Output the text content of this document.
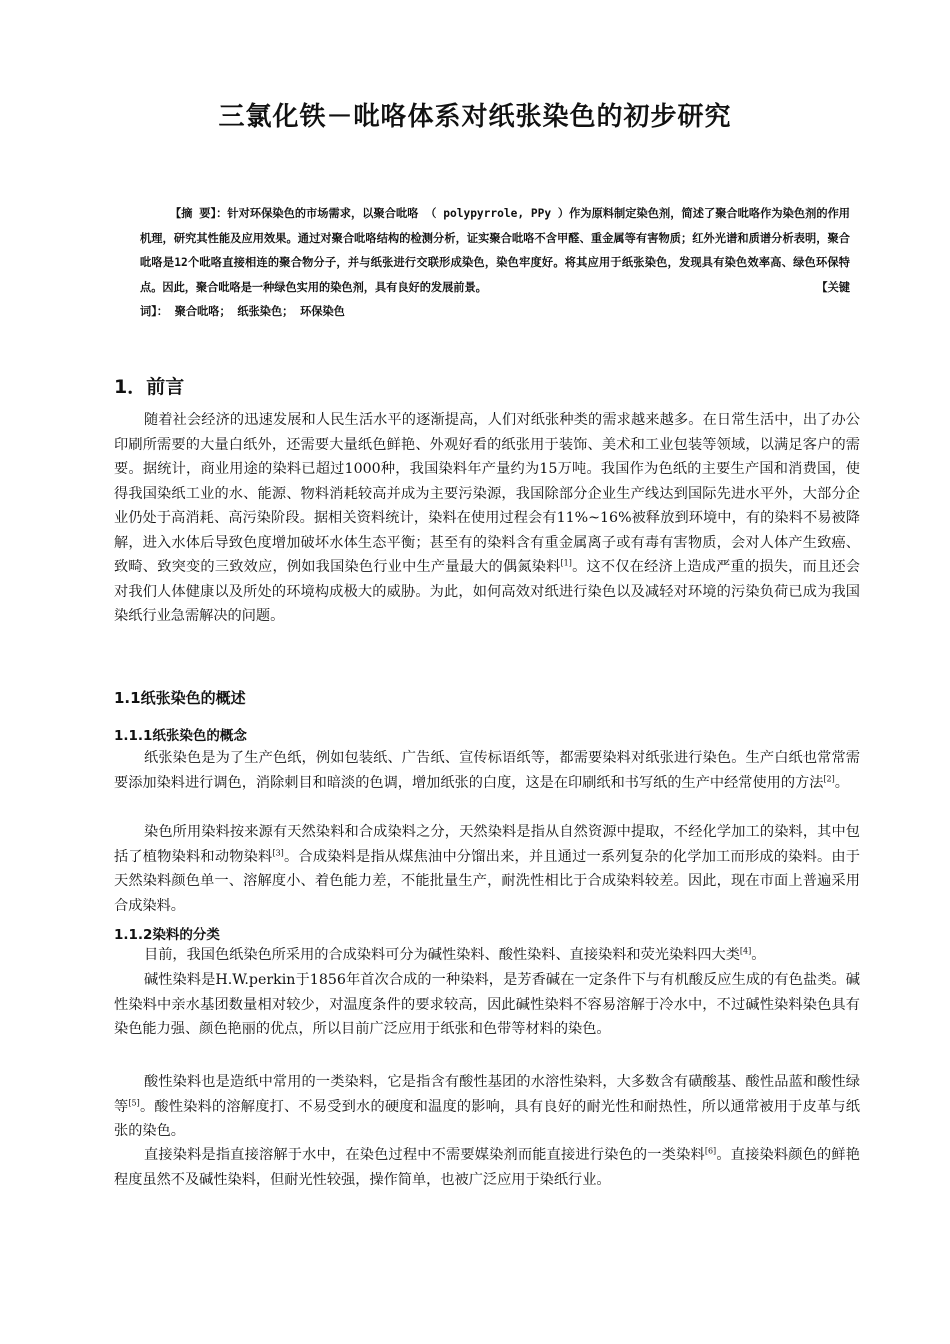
三氯化铁－吡咯体系对纸张染色的初步研究
【摘 要】：针对环保染色的市场需求，以聚合吡咯 （ polypyrrole, PPy ）作为原料制定染色剂，简述了聚合吡咯作为染色剂的作用机理，研究其性能及应用效果。通过对聚合吡咯结构的检测分析，证实聚合吡咯不含甲醛、重金属等有害物质；红外光谱和质谱分析表明，聚合吡咯是12个吡咯直接相连的聚合物分子，并与纸张进行交联形成染色，染色牢度好。将其应用于纸张染色，发现具有染色效率高、绿色环保特点。因此，聚合吡咯是一种绿色实用的染色剂，具有良好的发展前景。	【关键
词】： 聚合吡咯； 纸张染色； 环保染色
1．前言
随着社会经济的迅速发展和人民生活水平的逐渐提高，人们对纸张种类的需求越来越多。在日常生活中，出了办公印刷所需要的大量白纸外，还需要大量纸色鲜艳、外观好看的纸张用于装饰、美术和工业包装等领域，以满足客户的需要。据统计，商业用途的染料已超过1000种，我国染料年产量约为15万吨。我国作为色纸的主要生产国和消费国，使得我国染纸工业的水、能源、物料消耗较高并成为主要污染源，我国除部分企业生产线达到国际先进水平外，大部分企业仍处于高消耗、高污染阶段。据相关资料统计，染料在使用过程会有11%~16%被释放到环境中，有的染料不易被降解，进入水体后导致色度增加破坏水体生态平衡；甚至有的染料含有重金属离子或有毒有害物质，会对人体产生致癌、致畸、致突变的三致效应，例如我国染色行业中生产量最大的偶氮染料[1]。这不仅在经济上造成严重的损失，而且还会对我们人体健康以及所处的环境构成极大的威胁。为此，如何高效对纸进行染色以及减轻对环境的污染负荷已成为我国染纸行业急需解决的问题。
1.1纸张染色的概述
1.1.1纸张染色的概念
纸张染色是为了生产色纸，例如包装纸、广告纸、宣传标语纸等，都需要染料对纸张进行染色。生产白纸也常常需要添加染料进行调色，消除刺目和暗淡的色调，增加纸张的白度，这是在印刷纸和书写纸的生产中经常使用的方法[2]。
染色所用染料按来源有天然染料和合成染料之分，天然染料是指从自然资源中提取，不经化学加工的染料，其中包括了植物染料和动物染料[3]。合成染料是指从煤焦油中分馏出来，并且通过一系列复杂的化学加工而形成的染料。由于天然染料颜色单一、溶解度小、着色能力差，不能批量生产，耐洗性相比于合成染料较差。因此，现在市面上普遍采用合成染料。
1.1.2染料的分类
目前，我国色纸染色所采用的合成染料可分为碱性染料、酸性染料、直接染料和荧光染料四大类[4]。
碱性染料是H.W.perkin于1856年首次合成的一种染料，是芳香碱在一定条件下与有机酸反应生成的有色盐类。碱性染料中亲水基团数量相对较少，对温度条件的要求较高，因此碱性染料不容易溶解于冷水中，不过碱性染料染色具有染色能力强、颜色艳丽的优点，所以目前广泛应用于纸张和色带等材料的染色。
酸性染料也是造纸中常用的一类染料，它是指含有酸性基团的水溶性染料，大多数含有磺酸基、酸性品蓝和酸性绿等[5]。酸性染料的溶解度打、不易受到水的硬度和温度的影响，具有良好的耐光性和耐热性，所以通常被用于皮革与纸张的染色。
直接染料是指直接溶解于水中，在染色过程中不需要媒染剂而能直接进行染色的一类染料[6]。直接染料颜色的鲜艳程度虽然不及碱性染料，但耐光性较强，操作简单，也被广泛应用于染纸行业。
